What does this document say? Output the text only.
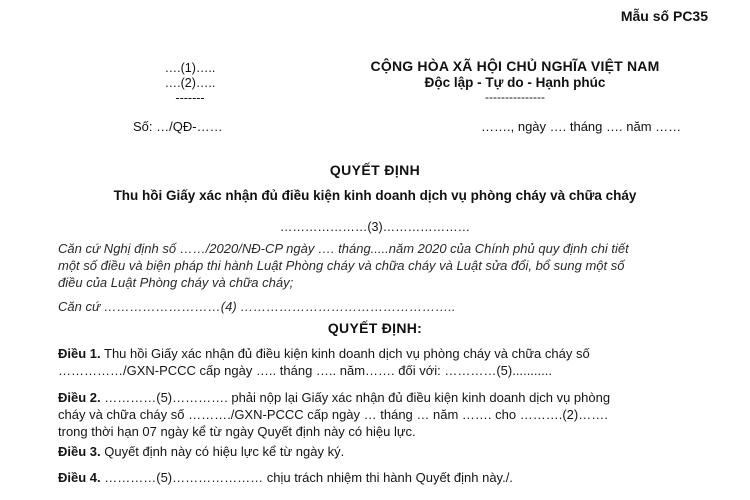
Mẫu số PC35
….(1)…..
….(2)…..
-------
CỘNG HÒA XÃ HỘI CHỦ NGHĨA VIỆT NAM
Độc lập - Tự do - Hạnh phúc
---------------
Số: …/QĐ-……	……., ngày …. tháng …. năm ……
QUYẾT ĐỊNH
Thu hồi Giấy xác nhận đủ điều kiện kinh doanh dịch vụ phòng cháy và chữa cháy
…………………(3)…………………

Căn cứ Nghị định số ……/2020/NĐ-CP ngày …. tháng.....năm 2020 của Chính phủ quy định chi tiết

một số điều và biện pháp thi hành Luật Phòng cháy và chữa cháy và Luật sửa đổi, bổ sung một số

điều của Luật Phòng cháy và chữa cháy;

Căn cứ ………………………(4) …………………………………………..

QUYẾT ĐỊNH:

Điều 1. Thu hồi Giấy xác nhận đủ điều kiện kinh doanh dịch vụ phòng cháy và chữa cháy số

……………/GXN-PCCC cấp ngày ….. tháng ….. năm……. đối với: …………(5)...........

Điều 2. …………(5)…………. phải nộp lại Giấy xác nhận đủ điều kiện kinh doanh dịch vụ phòng

cháy và chữa cháy số ………./GXN-PCCC cấp ngày … tháng … năm ……. cho ……….(2)…….

trong thời hạn 07 ngày kể từ ngày Quyết định này có hiệu lực.

Điều 3. Quyết định này có hiệu lực kể từ ngày ký.

Điều 4. …………(5)………………… chịu trách nhiệm thi hành Quyết định này./.
